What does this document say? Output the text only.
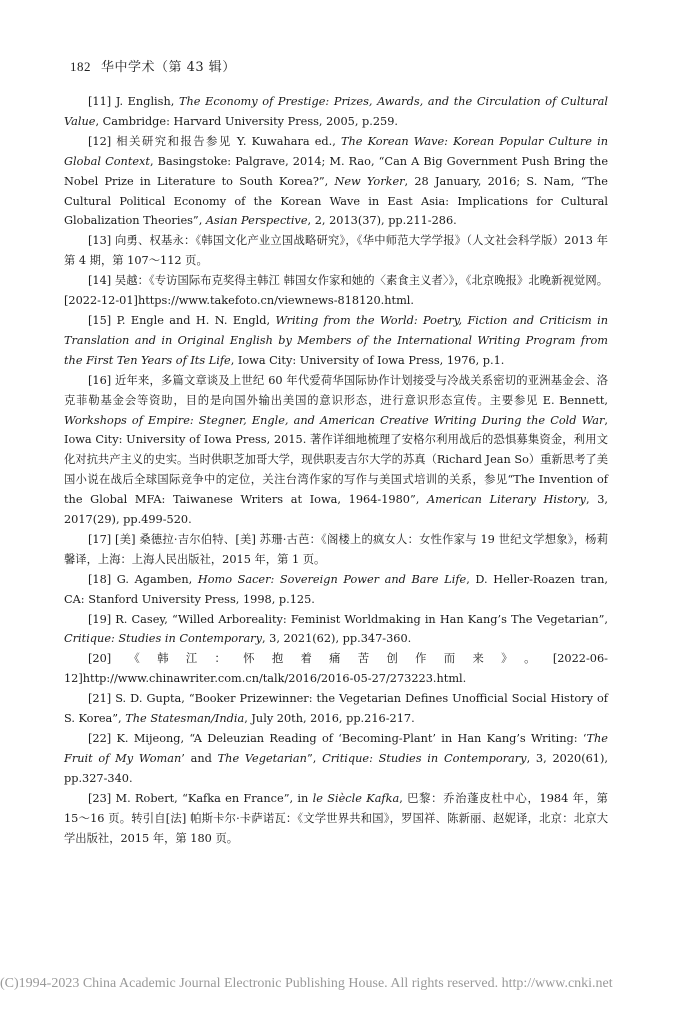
182 华中学术（第 43 辑）

[11] J. English, The Economy of Prestige: Prizes, Awards, and the Circulation of Cultural Value, Cambridge: Harvard University Press, 2005, p.259.

[12] 相关研究和报告参见 Y. Kuwahara ed., The Korean Wave: Korean Popular Culture in Global Context, Basingstoke: Palgrave, 2014; M. Rao, “Can A Big Government Push Bring the Nobel Prize in Literature to South Korea?”, New Yorker, 28 January, 2016; S. Nam, “The Cultural Political Economy of the Korean Wave in East Asia: Implications for Cultural Globalization Theories”, Asian Perspective, 2, 2013(37), pp.211-286.

[13] 向勇、权基永：《韩国文化产业立国战略研究》，《华中师范大学学报》（人文社会科学版）2013 年第 4 期，第 107～112 页。

[14] 吴越：《专访国际布克奖得主韩江 韩国女作家和她的〈素食主义者〉》，《北京晚报》北晚新视觉网。[2022-12-01]https://www.takefoto.cn/viewnews-818120.html.

[15] P. Engle and H. N. Engld, Writing from the World: Poetry, Fiction and Criticism in Translation and in Original English by Members of the International Writing Program from the First Ten Years of Its Life, Iowa City: University of Iowa Press, 1976, p.1.

[16] 近年来，多篇文章谈及上世纪 60 年代爱荷华国际协作计划接受与冷战关系密切的亚洲基金会、洛克菲勒基金会等资助，目的是向国外输出美国的意识形态，进行意识形态宣传。主要参见 E. Bennett, Workshops of Empire: Stegner, Engle, and American Creative Writing During the Cold War, Iowa City: University of Iowa Press, 2015. 著作详细地梳理了安格尔利用战后的恐惧募集资金，利用文化对抗共产主义的史实。当时供职芝加哥大学，现供职麦吉尔大学的苏真（Richard Jean So）重新思考了美国小说在战后全球国际竞争中的定位，关注台湾作家的写作与美国式培训的关系，参见“The Invention of the Global MFA: Taiwanese Writers at Iowa, 1964-1980”, American Literary History, 3, 2017(29), pp.499-520.

[17] [美] 桑德拉·吉尔伯特、[美] 苏珊·古芭：《阁楼上的疯女人：女性作家与 19 世纪文学想象》，杨莉馨译，上海：上海人民出版社，2015 年，第 1 页。

[18] G. Agamben, Homo Sacer: Sovereign Power and Bare Life, D. Heller-Roazen tran, CA: Stanford University Press, 1998, p.125.

[19] R. Casey, “Willed Arboreality: Feminist Worldmaking in Han Kang’s The Vegetarian”, Critique: Studies in Contemporary, 3, 2021(62), pp.347-360.

[20]《韩江：怀抱着痛苦创作而来》。[2022-06-12]http://www.chinawriter.com.cn/talk/2016/2016-05-27/273223.html.

[21] S. D. Gupta, “Booker Prizewinner: the Vegetarian Defines Unofficial Social History of S. Korea”, The Statesman/India, July 20th, 2016, pp.216-217.

[22] K. Mijeong, “A Deleuzian Reading of ‘Becoming-Plant’ in Han Kang’s Writing: ‘The Fruit of My Woman’ and The Vegetarian”, Critique: Studies in Contemporary, 3, 2020(61), pp.327-340.

[23] M. Robert, “Kafka en France”, in le Siècle Kafka, 巴黎：乔治蓬皮杜中心，1984 年，第 15～16 页。转引自[法] 帕斯卡尔·卡萨诺瓦：《文学世界共和国》，罗国祥、陈新丽、赵妮译，北京：北京大学出版社，2015 年，第 180 页。

(C)1994-2023 China Academic Journal Electronic Publishing House. All rights reserved. http://www.cnki.net
